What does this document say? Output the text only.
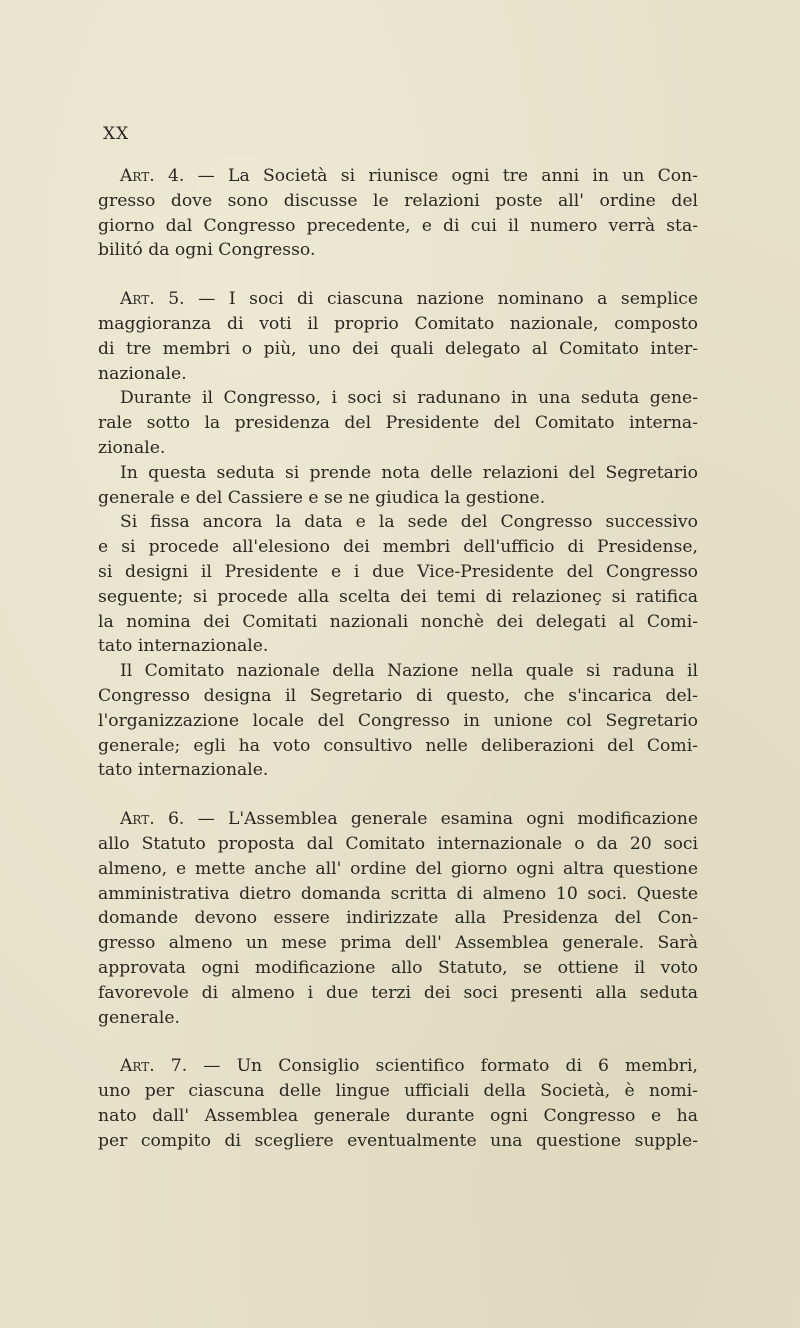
XX
Art. 4. — La Società si riunisce ogni tre anni in un Con-
gresso dove sono discusse le relazioni poste all' ordine del
giorno dal Congresso precedente, e di cui il numero verrà sta-
bilitó da ogni Congresso.
Art. 5. — I soci di ciascuna nazione nominano a semplice
maggioranza di voti il proprio Comitato nazionale, composto
di tre membri o più, uno dei quali delegato al Comitato inter-
nazionale.
Durante il Congresso, i soci si radunano in una seduta gene-
rale sotto la presidenza del Presidente del Comitato interna-
zionale.
In questa seduta si prende nota delle relazioni del Segretario
generale e del Cassiere e se ne giudica la gestione.
Si fissa ancora la data e la sede del Congresso successivo
e si procede all'elesiono dei membri dell'ufficio di Presidense,
si designi il Presidente e i due Vice-Presidente del Congresso
seguente; si procede alla scelta dei temi di relazioneç si ratifica
la nomina dei Comitati nazionali nonchè dei delegati al Comi-
tato internazionale.
Il Comitato nazionale della Nazione nella quale si raduna il
Congresso designa il Segretario di questo, che s'incarica del-
l'organizzazione locale del Congresso in unione col Segretario
generale; egli ha voto consultivo nelle deliberazioni del Comi-
tato internazionale.
Art. 6. — L'Assemblea generale esamina ogni modificazione
allo Statuto proposta dal Comitato internazionale o da 20 soci
almeno, e mette anche all' ordine del giorno ogni altra questione
amministrativa dietro domanda scritta di almeno 10 soci. Queste
domande devono essere indirizzate alla Presidenza del Con-
gresso almeno un mese prima dell' Assemblea generale. Sarà
approvata ogni modificazione allo Statuto, se ottiene il voto
favorevole di almeno i due terzi dei soci presenti alla seduta
generale.
Art. 7. — Un Consiglio scientifico formato di 6 membri,
uno per ciascuna delle lingue ufficiali della Società, è nomi-
nato dall' Assemblea generale durante ogni Congresso e ha
per compito di scegliere eventualmente una questione supple-
